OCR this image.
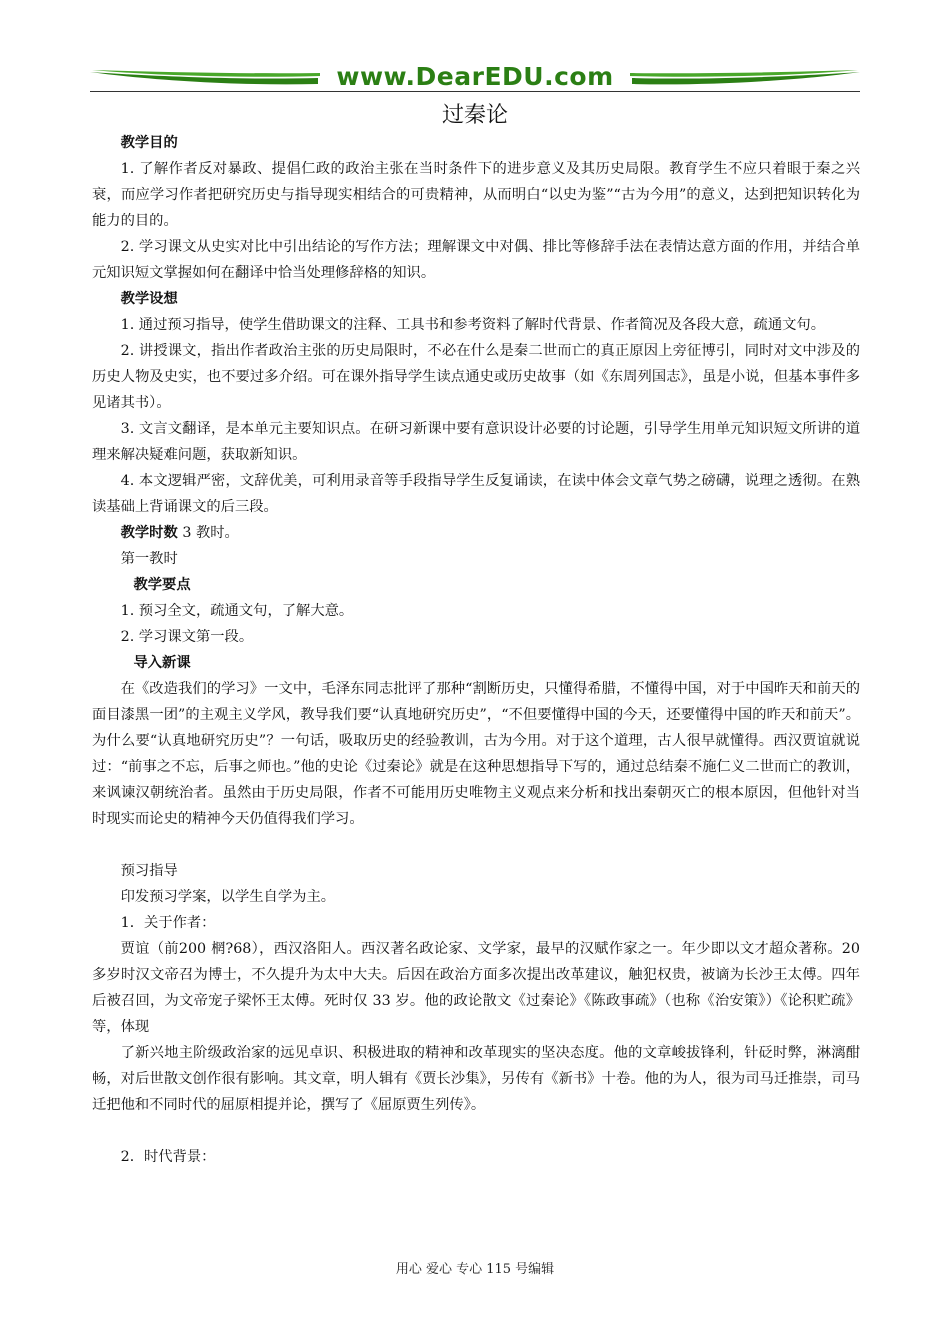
www.DearEDU.com
过秦论

教学目的

1. 了解作者反对暴政、提倡仁政的政治主张在当时条件下的进步意义及其历史局限。教育学生不应只着眼于秦之兴衰，而应学习作者把研究历史与指导现实相结合的可贵精神，从而明白“以史为鉴”“古为今用”的意义，达到把知识转化为能力的目的。

2. 学习课文从史实对比中引出结论的写作方法；理解课文中对偶、排比等修辞手法在表情达意方面的作用，并结合单元知识短文掌握如何在翻译中恰当处理修辞格的知识。

教学设想

1. 通过预习指导，使学生借助课文的注释、工具书和参考资料了解时代背景、作者简况及各段大意，疏通文句。

2. 讲授课文，指出作者政治主张的历史局限时，不必在什么是秦二世而亡的真正原因上旁征博引，同时对文中涉及的历史人物及史实，也不要过多介绍。可在课外指导学生读点通史或历史故事（如《东周列国志》，虽是小说，但基本事件多见诸其书）。

3. 文言文翻译，是本单元主要知识点。在研习新课中要有意识设计必要的讨论题，引导学生用单元知识短文所讲的道理来解决疑难问题，获取新知识。

4. 本文逻辑严密，文辞优美，可利用录音等手段指导学生反复诵读，在读中体会文章气势之磅礴，说理之透彻。在熟读基础上背诵课文的后三段。

教学时数 3 教时。

第一教时

教学要点

1. 预习全文，疏通文句，了解大意。

2. 学习课文第一段。

导入新课

在《改造我们的学习》一文中，毛泽东同志批评了那种“割断历史，只懂得希腊，不懂得中国，对于中国昨天和前天的面目漆黑一团”的主观主义学风，教导我们要“认真地研究历史”，“不但要懂得中国的今天，还要懂得中国的昨天和前天”。为什么要“认真地研究历史”？一句话，吸取历史的经验教训，古为今用。对于这个道理，古人很早就懂得。西汉贾谊就说过：“前事之不忘，后事之师也。”他的史论《过秦论》就是在这种思想指导下写的，通过总结秦不施仁义二世而亡的教训，来讽谏汉朝统治者。虽然由于历史局限，作者不可能用历史唯物主义观点来分析和找出秦朝灭亡的根本原因，但他针对当时现实而论史的精神今天仍值得我们学习。

预习指导

印发预习学案，以学生自学为主。

1．关于作者：

贾谊（前200 棢?68），西汉洛阳人。西汉著名政论家、文学家，最早的汉赋作家之一。年少即以文才超众著称。20 多岁时汉文帝召为博士，不久提升为太中大夫。后因在政治方面多次提出改革建议，触犯权贵，被谪为长沙王太傅。四年后被召回，为文帝宠子梁怀王太傅。死时仅 33 岁。他的政论散文《过秦论》《陈政事疏》（也称《治安策》）《论积贮疏》等，体现

了新兴地主阶级政治家的远见卓识、积极进取的精神和改革现实的坚决态度。他的文章峻拔锋利，针砭时弊，淋漓酣畅，对后世散文创作很有影响。其文章，明人辑有《贾长沙集》，另传有《新书》十卷。他的为人，很为司马迁推崇，司马迁把他和不同时代的屈原相提并论，撰写了《屈原贾生列传》。

2．时代背景：

用心 爱心 专心 115 号编辑
